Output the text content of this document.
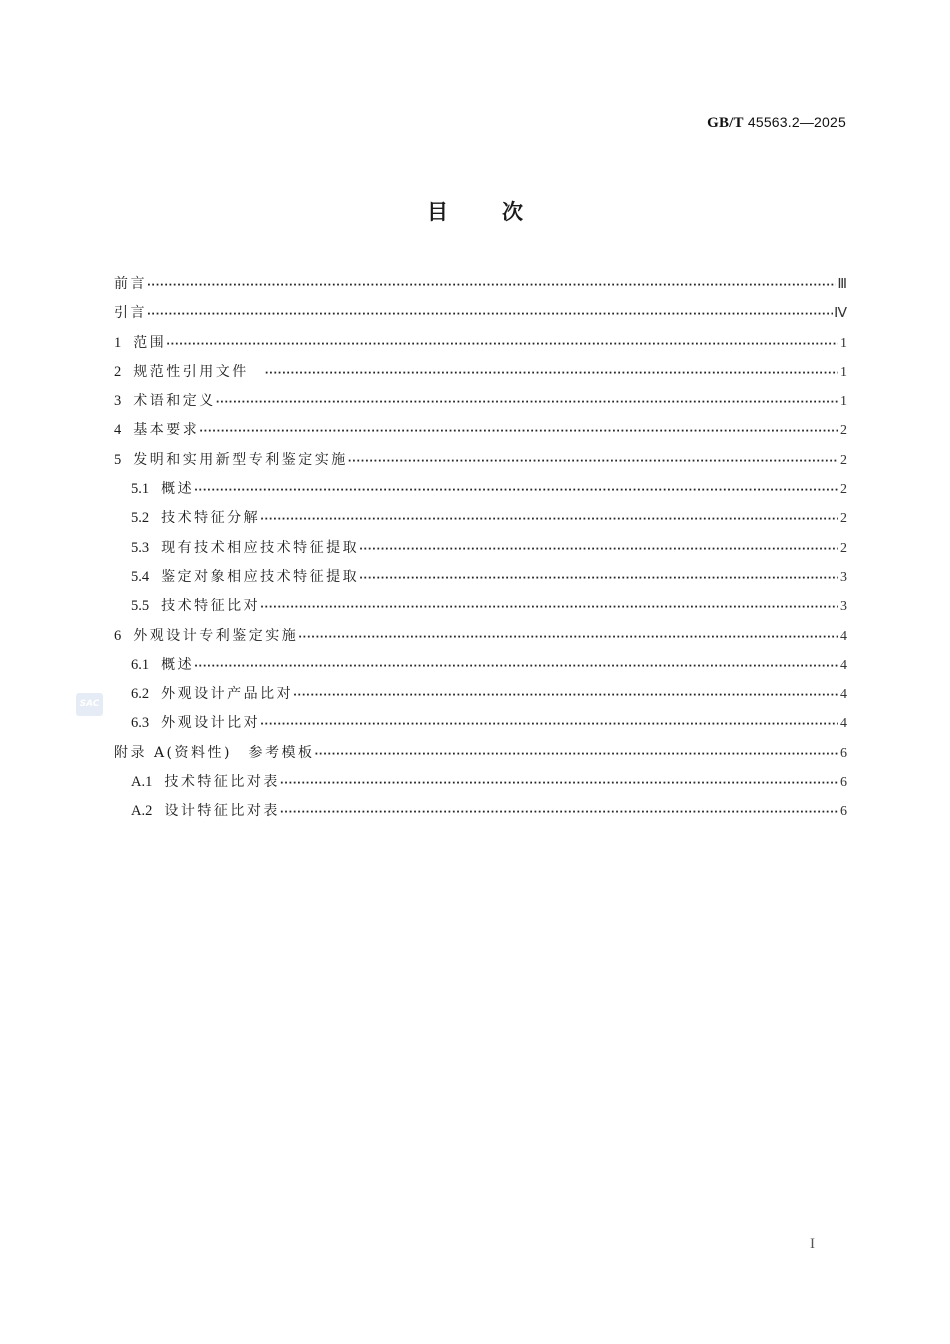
GB/T 45563.2—2025
目	次
SAC
前言 ·····	Ⅲ
引言 ·····	Ⅳ
1 范围 ·····	1
2 规范性引用文件 ·····	1
3 术语和定义 ·····	1
4 基本要求 ·····	2
5 发明和实用新型专利鉴定实施 ·····	2
5.1 概述 ·····	2
5.2 技术特征分解 ·····	2
5.3 现有技术相应技术特征提取 ·····	2
5.4 鉴定对象相应技术特征提取 ·····	3
5.5 技术特征比对 ·····	3
6 外观设计专利鉴定实施 ·····	4
6.1 概述 ·····	4
6.2 外观设计产品比对 ·····	4
6.3 外观设计比对 ·····	4
附录 A(资料性)　参考模板 ·····	6
A.1 技术特征比对表 ·····	6
A.2 设计特征比对表 ·····	6
I
